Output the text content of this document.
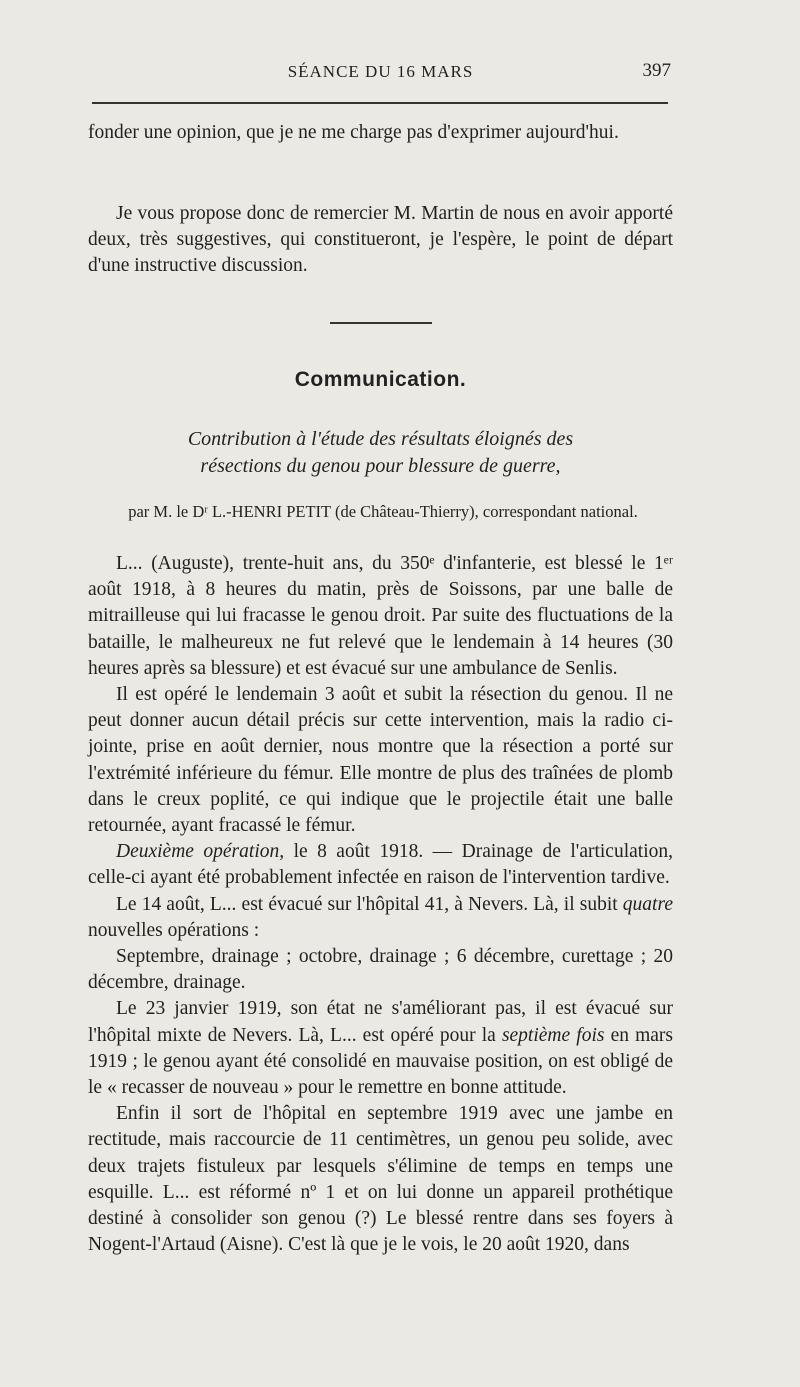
SÉANCE DU 16 MARS	397

fonder une opinion, que je ne me charge pas d'exprimer aujourd'hui.

Je vous propose donc de remercier M. Martin de nous en avoir apporté deux, très suggestives, qui constitueront, je l'espère, le point de départ d'une instructive discussion.

Communication.
Contribution à l'étude des résultats éloignés des
résections du genou pour blessure de guerre,
par M. le Dʳ L.-HENRI PETIT (de Château-Thierry), correspondant national.

L... (Auguste), trente-huit ans, du 350ᵉ d'infanterie, est blessé le 1ᵉʳ août 1918, à 8 heures du matin, près de Soissons, par une balle de mitrailleuse qui lui fracasse le genou droit. Par suite des fluctuations de la bataille, le malheureux ne fut relevé que le lendemain à 14 heures (30 heures après sa blessure) et est évacué sur une ambulance de Senlis.

Il est opéré le lendemain 3 août et subit la résection du genou. Il ne peut donner aucun détail précis sur cette intervention, mais la radio ci-jointe, prise en août dernier, nous montre que la résection a porté sur l'extrémité inférieure du fémur. Elle montre de plus des traînées de plomb dans le creux poplité, ce qui indique que le projectile était une balle retournée, ayant fracassé le fémur.

Deuxième opération, le 8 août 1918. — Drainage de l'articulation, celle-ci ayant été probablement infectée en raison de l'intervention tardive.

Le 14 août, L... est évacué sur l'hôpital 41, à Nevers. Là, il subit quatre nouvelles opérations :

Septembre, drainage ; octobre, drainage ; 6 décembre, curettage ; 20 décembre, drainage.

Le 23 janvier 1919, son état ne s'améliorant pas, il est évacué sur l'hôpital mixte de Nevers. Là, L... est opéré pour la septième fois en mars 1919 ; le genou ayant été consolidé en mauvaise position, on est obligé de le « recasser de nouveau » pour le remettre en bonne attitude.

Enfin il sort de l'hôpital en septembre 1919 avec une jambe en rectitude, mais raccourcie de 11 centimètres, un genou peu solide, avec deux trajets fistuleux par lesquels s'élimine de temps en temps une esquille. L... est réformé nº 1 et on lui donne un appareil prothétique destiné à consolider son genou (?) Le blessé rentre dans ses foyers à Nogent-l'Artaud (Aisne). C'est là que je le vois, le 20 août 1920, dans
